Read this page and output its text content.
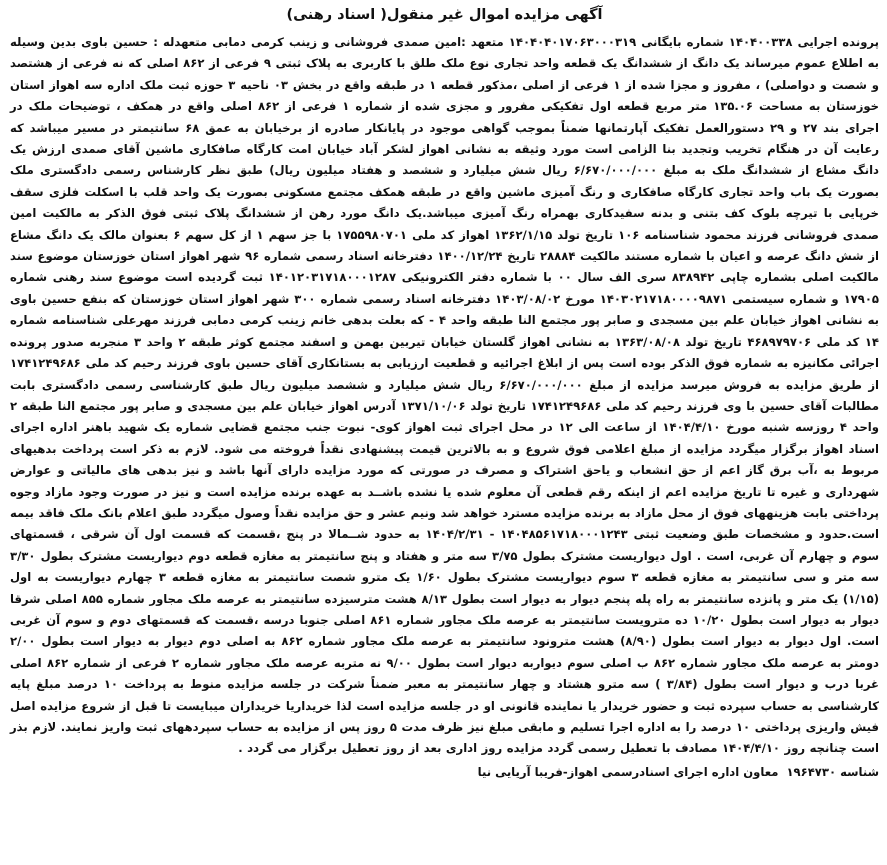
آگهی مزایده اموال غیر منقول( اسناد رهنی)

پرونده اجرایی ۱۴۰۴۰۰۳۳۸ شماره بایگانی ۱۴۰۴۰۴۰۱۷۰۶۳۰۰۰۳۱۹ متعهد :امین صمدی فروشانی و زینب کرمی دمابی متعهدله : حسین باوی بدین وسیله به اطلاع عموم میرساند یک دانگ از ششدانگ یک قطعه واحد تجاری نوع ملک طلق با کاربری به پلاک ثبتی ۹ فرعی از ۸۶۲ اصلی که نه فرعی از هشتصد و شصت و دواصلی) ، مفروز و مجزا شده از ۱ فرعی از اصلی ،مذکور قطعه ۱ در طبقه واقع در بخش ۰۳ ناحیه ۳ حوزه ثبت ملک اداره سه اهواز استان خوزستان به مساحت ۱۳۵.۰۶ متر مربع قطعه اول تفکیکی مفرور و مجزی شده از شماره ۱ فرعی از ۸۶۲ اصلی واقع در همکف ، توضیحات ملک در اجرای بند ۲۷ و ۲۹ دستورالعمل تفکیک آپارتمانها ضمناً بموجب گواهی موجود در پایانکار صادره از برخیابان به عمق ۶۸ سانتیمتر در مسیر میباشد که رعایت آن در هنگام تخریب وتجدید بنا الزامی است مورد وثیقه به نشانی اهواز لشکر آباد خیابان امت کارگاه صافکاری ماشین آقای صمدی ارزش یک دانگ مشاع از ششدانگ ملک به مبلغ ۶/۶۷۰/۰۰۰/۰۰۰ ریال شش میلیارد و ششصد و هفتاد میلیون ریال) طبق نظر کارشناس رسمی دادگستری ملک بصورت یک باب واحد تجاری کارگاه صافکاری و رنگ آمیزی ماشین واقع در طبقه همکف مجتمع مسکونی بصورت یک واحد قلب با اسکلت فلزی سقف خرپایی با تیرچه بلوک کف بتنی و بدنه سفیدکاری بهمراه رنگ آمیزی میباشد.یک دانگ مورد رهن از ششدانگ پلاک ثبتی فوق الذکر به مالکیت امین صمدی فروشانی فرزند محمود شناسنامه ۱۰۶ تاریخ تولد ۱۳۶۲/۱/۱۵ اهواز کد ملی ۱۷۵۵۹۸۰۷۰۱ با جز سهم ۱ از کل سهم ۶ بعنوان مالک یک دانگ مشاع از شش دانگ عرصه و اعیان با شماره مستند مالکیت ۲۸۸۸۴ تاریخ ۱۴۰۰/۱۲/۲۴ دفترخانه اسناد رسمی شماره ۹۶ شهر اهواز استان خوزستان موضوع سند مالکیت اصلی بشماره چاپی ۸۳۸۹۴۲ سری الف سال ۰۰ با شماره دفتر الکترونیکی ۱۴۰۱۲۰۳۱۷۱۸۰۰۰۱۲۸۷ ثبت گردیده است موضوع سند رهنی شماره ۱۷۹۰۵ و شماره سیستمی ۱۴۰۳۰۲۱۷۱۸۰۰۰۰۹۸۷۱ مورخ ۱۴۰۳/۰۸/۰۲ دفترخانه اسناد رسمی شماره ۳۰۰ شهر اهواز استان خوزستان که بنفع حسین باوی به نشانی اهواز خیابان علم بین مسجدی و صابر پور مجتمع النا طبقه واحد ۴ - که بعلت بدهی خانم زینب کرمی دمابی فرزند مهرعلی شناسنامه شماره ۱۴ کد ملی ۴۶۸۹۷۹۷۰۶ تاریخ تولد ۱۳۶۳/۰۸/۰۸ به نشانی اهواز گلستان خیابان تیربین بهمن و اسفند مجتمع کوثر طبقه ۲ واحد ۳ منجربه صدور پرونده اجرائی مکانیزه به شماره فوق الذکر بوده است پس از ابلاغ اجرائیه و قطعیت ارزیابی به بستانکاری آقای حسین باوی فرزند رحیم کد ملی ۱۷۴۱۲۴۹۶۸۶ از طریق مزایده به فروش میرسد مزایده از مبلغ ۶/۶۷۰/۰۰۰/۰۰۰ ریال شش میلیارد و ششصد میلیون ریال طبق کارشناسی رسمی دادگستری بابت مطالبات آقای حسین با وی فرزند رحیم کد ملی ۱۷۴۱۲۴۹۶۸۶ تاریخ تولد ۱۳۷۱/۱۰/۰۶ آدرس اهواز خیابان علم بین مسجدی و صابر پور مجتمع النا طبقه ۲ واحد ۴ روزسه شنبه مورخ ۱۴۰۴/۴/۱۰ از ساعت الی ۱۲ در محل اجرای ثبت اهواز کوی- نبوت جنب مجتمع قضایی شماره یک شهید باهنر اداره اجرای اسناد اهواز برگزار میگردد مزایده از مبلغ اعلامی فوق شروع و به بالاترین قیمت پیشنهادی نقداً فروخته می شود. لازم به ذکر است پرداخت بدهیهای مربوط به ،آب برق گاز اعم از حق انشعاب و یاحق اشتراک و مصرف در صورتی که مورد مزایده دارای آنها باشد و نیز بدهی های مالیاتی و عوارض شهرداری و غیره تا تاریخ مزایده اعم از اینکه رقم قطعی آن معلوم شده یا نشده باشــد به عهده برنده مزایده است و نیز در صورت وجود مازاد وجوه پرداختی بابت هزینههای فوق از محل مازاد به برنده مزایده مسترد خواهد شد ونیم عشر و حق مزایده نقداً وصول میگردد طبق اعلام بانک ملک فاقد بیمه است.حدود و مشخصات طبق وضعیت ثبتی ۱۴۰۴۸۵۶۱۷۱۸۰۰۰۱۲۴۳ - ۱۴۰۴/۲/۳۱ به حدود شــمالا در پنج ،قسمت که قسمت اول آن شرقی ، قسمتهای سوم و چهارم آن غربی، است . اول دیواریست مشترک بطول ۳/۷۵ سه متر و هفتاد و پنج سانتیمتر به مغازه قطعه دوم دیواریست مشترک بطول ۳/۳۰ سه متر و سی سانتیمتر به مغازه قطعه ۳ سوم دیواریست مشترک بطول ۱/۶۰ یک مترو شصت سانتیمتر به مغازه قطعه ۳ چهارم دیواریست به اول (۱/۱۵) یک متر و پانزده سانتیمتر به راه پله پنجم دیوار به دیوار است بطول ۸/۱۳ هشت مترسیزده سانتیمتر به عرصه ملک مجاور شماره ۸۵۵ اصلی شرقا دیوار به دیوار است بطول ۱۰/۲۰ ده مترویست سانتیمتر به عرصه ملک مجاور شماره ۸۶۱ اصلی جنوبا درسه ،قسمت که قسمتهای دوم و سوم آن غربی است. اول دیوار به دیوار است بطول (۸/۹۰) هشت مترونود سانتیمتر به عرصه ملک مجاور شماره ۸۶۲ به اصلی دوم دیوار به دیوار است بطول ۲/۰۰ دومتر به عرصه ملک مجاور شماره ۸۶۲ ب اصلی سوم دیواربه دیوار است بطول ۹/۰۰ نه متربه عرصه ملک مجاور شماره ۲ فرعی از شماره ۸۶۲ اصلی غربا درب و دیوار است بطول (۳/۸۴ ) سه مترو هشتاد و چهار سانتیمتر به معبر ضمناً شرکت در جلسه مزایده منوط به پرداخت ۱۰ درصد مبلغ پایه کارشناسی به حساب سپرده ثبت و حضور خریدار یا نماینده قانونی او در جلسه مزایده است لذا خریداریا خریداران میبایست تا قبل از شروع مزایده اصل فیش واریزی پرداختی ۱۰ درصد را به اداره اجرا تسلیم و مابقی مبلغ نیز ظرف مدت ۵ روز پس از مزایده به حساب سپردههای ثبت واریز نمایند. لازم بذر است چنانچه روز ۱۴۰۴/۴/۱۰ مصادف با تعطیل رسمی گردد مزایده روز اداری بعد از روز تعطیل برگزار می گردد .

شناسه ۱۹۶۴۷۳۰ معاون اداره اجرای اسنادرسمی اهواز-فریبا آریایی نیا
